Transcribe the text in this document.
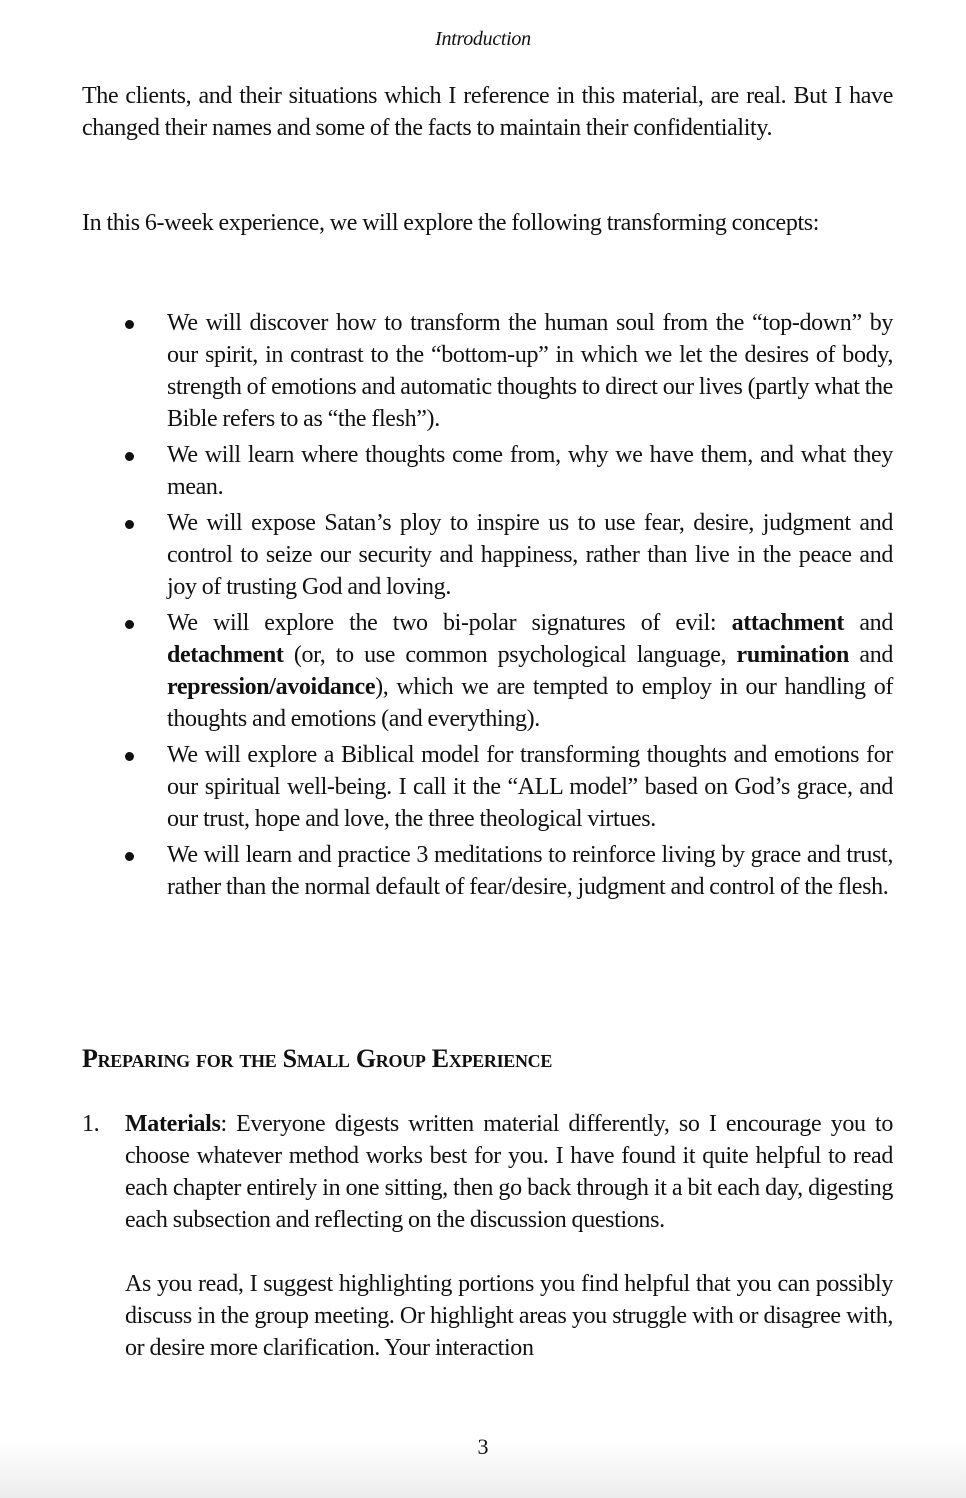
Introduction

The clients, and their situations which I reference in this material, are real. But I have changed their names and some of the facts to maintain their confidentiality.

In this 6-week experience, we will explore the following transforming concepts:

We will discover how to transform the human soul from the “top-down” by our spirit, in contrast to the “bottom-up” in which we let the desires of body, strength of emotions and automatic thoughts to direct our lives (partly what the Bible refers to as “the flesh”).
We will learn where thoughts come from, why we have them, and what they mean.
We will expose Satan’s ploy to inspire us to use fear, desire, judgment and control to seize our security and happiness, rather than live in the peace and joy of trusting God and loving.
We will explore the two bi-polar signatures of evil: attachment and detachment (or, to use common psychological language, rumination and repression/avoidance), which we are tempted to employ in our handling of thoughts and emotions (and everything).
We will explore a Biblical model for transforming thoughts and emotions for our spiritual well-being. I call it the “ALL model” based on God’s grace, and our trust, hope and love, the three theological virtues.
We will learn and practice 3 meditations to reinforce living by grace and trust, rather than the normal default of fear/desire, judgment and control of the flesh.
Preparing for the Small Group Experience
1. Materials: Everyone digests written material differently, so I encourage you to choose whatever method works best for you. I have found it quite helpful to read each chapter entirely in one sitting, then go back through it a bit each day, digesting each subsection and reflecting on the discussion questions.

As you read, I suggest highlighting portions you find helpful that you can possibly discuss in the group meeting. Or highlight areas you struggle with or disagree with, or desire more clarification. Your interaction

3
